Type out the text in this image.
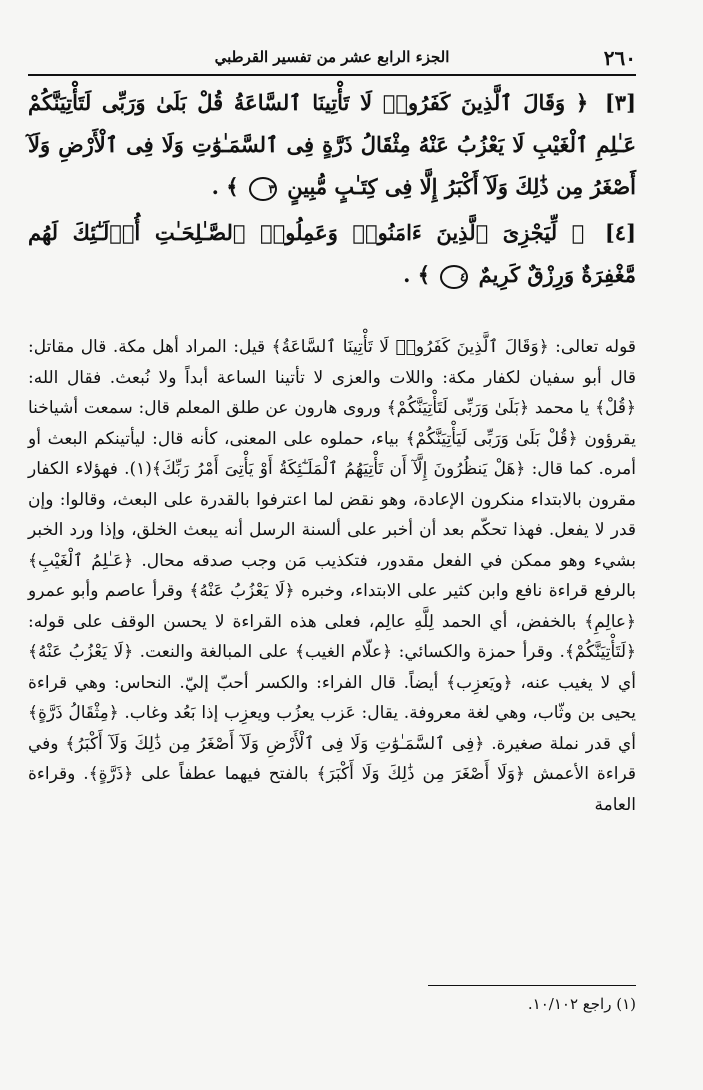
٢٦٠
الجزء الرابع عشر من تفسير القرطبي
[٣] ﴿ وَقَالَ ٱلَّذِينَ كَفَرُوا۟ لَا تَأْتِينَا ٱلسَّاعَةُ قُلْ بَلَىٰ وَرَبِّى لَتَأْتِيَنَّكُمْ عَـٰلِمِ ٱلْغَيْبِ لَا يَعْزُبُ عَنْهُ مِثْقَالُ ذَرَّةٍ فِى ٱلسَّمَـٰوَٰتِ وَلَا فِى ٱلْأَرْضِ وَلَآ أَصْغَرُ مِن ذَٰلِكَ وَلَآ أَكْبَرُ إِلَّا فِى كِتَـٰبٍ مُّبِينٍ ٣ ﴾ .
[٤] ﴿ لِّيَجْزِىَ ٱلَّذِينَ ءَامَنُوا۟ وَعَمِلُوا۟ ٱلصَّـٰلِحَـٰتِ أُو۟لَـٰٓئِكَ لَهُم مَّغْفِرَةٌ وَرِزْقٌ كَرِيمٌ ٤ ﴾ .

قوله تعالى: ﴿وَقَالَ ٱلَّذِينَ كَفَرُوا۟ لَا تَأْتِينَا ٱلسَّاعَةُ﴾ قيل: المراد أهل مكة. قال مقاتل: قال أبو سفيان لكفار مكة: واللات والعزى لا تأتينا الساعة أبداً ولا نُبعث. فقال الله: ﴿قُلْ﴾ يا محمد ﴿بَلَىٰ وَرَبِّى لَتَأْتِيَنَّكُمْ﴾ وروى هارون عن طلق المعلم قال: سمعت أشياخنا يقرؤون ﴿قُلْ بَلَىٰ وَرَبِّى لَيَأْتِيَنَّكُمْ﴾ بياء، حملوه على المعنى، كأنه قال: ليأتينكم البعث أو أمره. كما قال: ﴿هَلْ يَنظُرُونَ إِلَّآ أَن تَأْتِيَهُمُ ٱلْمَلَـٰٓئِكَةُ أَوْ يَأْتِىَ أَمْرُ رَبِّكَ﴾(١). فهؤلاء الكفار مقرون بالابتداء منكرون الإعادة، وهو نقض لما اعترفوا بالقدرة على البعث، وقالوا: وإن قدر لا يفعل. فهذا تحكّم بعد أن أخبر على ألسنة الرسل أنه يبعث الخلق، وإذا ورد الخبر بشيء وهو ممكن في الفعل مقدور، فتكذيب مَن وجب صدقه محال. ﴿عَـٰلِمُ ٱلْغَيْبِ﴾ بالرفع قراءة نافع وابن كثير على الابتداء، وخبره ﴿لَا يَعْزُبُ عَنْهُ﴾ وقرأ عاصم وأبو عمرو ﴿عالِمِ﴾ بالخفض، أي الحمد لِلَّهِ عالِم، فعلى هذه القراءة لا يحسن الوقف على قوله: ﴿لَتَأْتِيَنَّكُمْ﴾. وقرأ حمزة والكسائي: ﴿علّام الغيب﴾ على المبالغة والنعت. ﴿لَا يَعْزُبُ عَنْهُ﴾ أي لا يغيب عنه، ﴿ويَعزِب﴾ أيضاً. قال الفراء: والكسر أحبّ إليّ. النحاس: وهي قراءة يحيى بن وثّاب، وهي لغة معروفة. يقال: عَزب يعزُب ويعزِب إذا بَعُد وغاب. ﴿مِثْقَالُ ذَرَّةٍ﴾ أي قدر نملة صغيرة. ﴿فِى ٱلسَّمَـٰوَٰتِ وَلَا فِى ٱلْأَرْضِ وَلَآ أَصْغَرُ مِن ذَٰلِكَ وَلَآ أَكْبَرُ﴾ وفي قراءة الأعمش ﴿وَلَا أَصْغَرَ مِن ذَٰلِكَ وَلَا أَكْبَرَ﴾ بالفتح فيهما عطفاً على ﴿ذَرَّةٍ﴾. وقراءة العامة

(١) راجع ١٠/١٠٢.
